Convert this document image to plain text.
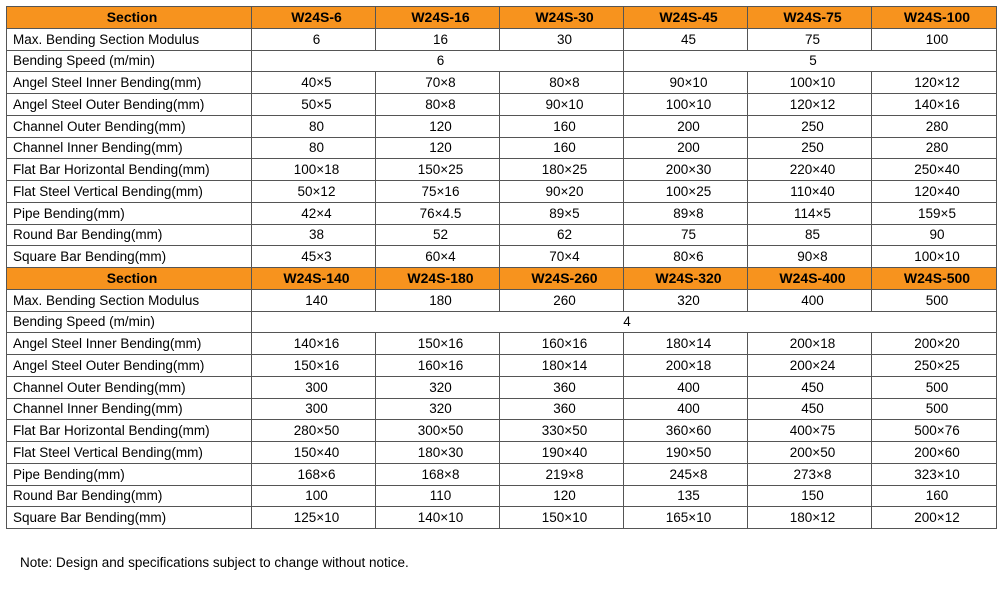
Section	W24S-6	W24S-16	W24S-30	W24S-45	W24S-75	W24S-100
Max. Bending Section Modulus	6	16	30	45	75	100
Bending Speed (m/min)	6			5		
Angel Steel Inner Bending(mm)	40×5	70×8	80×8	90×10	100×10	120×12
Angel Steel Outer Bending(mm)	50×5	80×8	90×10	100×10	120×12	140×16
Channel Outer Bending(mm)	80	120	160	200	250	280
Channel Inner Bending(mm)	80	120	160	200	250	280
Flat Bar Horizontal Bending(mm)	100×18	150×25	180×25	200×30	220×40	250×40
Flat Steel Vertical Bending(mm)	50×12	75×16	90×20	100×25	110×40	120×40
Pipe Bending(mm)	42×4	76×4.5	89×5	89×8	114×5	159×5
Round Bar Bending(mm)	38	52	62	75	85	90
Square Bar Bending(mm)	45×3	60×4	70×4	80×6	90×8	100×10
Section	W24S-140	W24S-180	W24S-260	W24S-320	W24S-400	W24S-500
Max. Bending Section Modulus	140	180	260	320	400	500
Bending Speed (m/min)	4					
Angel Steel Inner Bending(mm)	140×16	150×16	160×16	180×14	200×18	200×20
Angel Steel Outer Bending(mm)	150×16	160×16	180×14	200×18	200×24	250×25
Channel Outer Bending(mm)	300	320	360	400	450	500
Channel Inner Bending(mm)	300	320	360	400	450	500
Flat Bar Horizontal Bending(mm)	280×50	300×50	330×50	360×60	400×75	500×76
Flat Steel Vertical Bending(mm)	150×40	180×30	190×40	190×50	200×50	200×60
Pipe Bending(mm)	168×6	168×8	219×8	245×8	273×8	323×10
Round Bar Bending(mm)	100	110	120	135	150	160
Square Bar Bending(mm)	125×10	140×10	150×10	165×10	180×12	200×12
Note: Design and specifications subject to change without notice.
